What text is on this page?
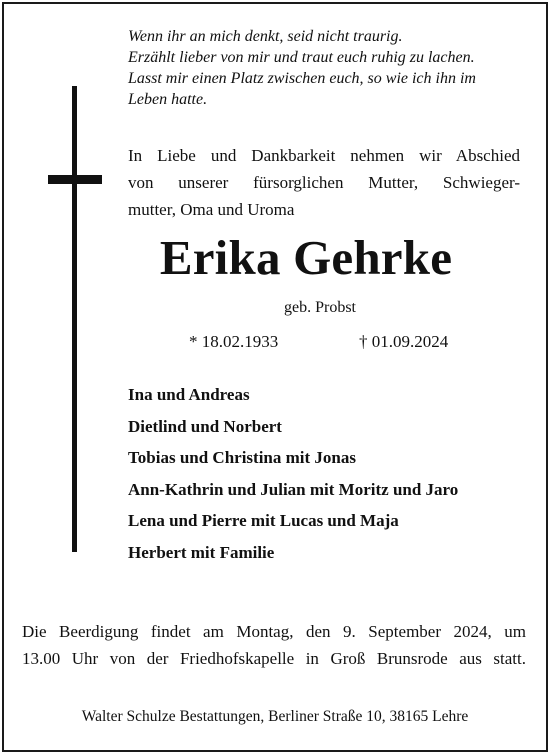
Wenn ihr an mich denkt, seid nicht traurig.
Erzählt lieber von mir und traut euch ruhig zu lachen.
Lasst mir einen Platz zwischen euch, so wie ich ihn im
Leben hatte.
In Liebe und Dankbarkeit nehmen wir Abschied
von unserer fürsorglichen Mutter, Schwieger-
mutter, Oma und Uroma
Erika Gehrke
geb. Probst
* 18.02.1933	† 01.09.2024
Ina und Andreas
Dietlind und Norbert
Tobias und Christina mit Jonas
Ann-Kathrin und Julian mit Moritz und Jaro
Lena und Pierre mit Lucas und Maja
Herbert mit Familie
Die Beerdigung findet am Montag, den 9. September 2024, um
13.00 Uhr von der Friedhofskapelle in Groß Brunsrode aus statt.
Walter Schulze Bestattungen, Berliner Straße 10, 38165 Lehre
